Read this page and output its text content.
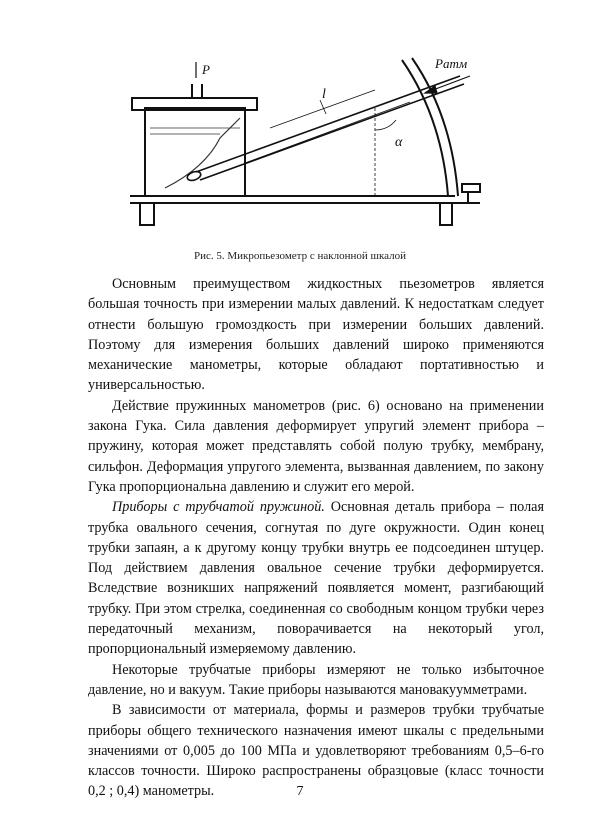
P	Pатм
l
α
Рис. 5. Микропьезометр с наклонной шкалой

Основным преимуществом жидкостных пьезометров является большая точность при измерении малых давлений. К недостаткам следует отнести большую громоздкость при измерении больших давлений. Поэтому для измерения больших давлений широко применяются механические манометры, которые обладают портативностью и универсальностью.

Действие пружинных манометров (рис. 6) основано на применении закона Гука. Сила давления деформирует упругий элемент прибора – пружину, которая может представлять собой полую трубку, мембрану, сильфон. Деформация упругого элемента, вызванная давлением, по закону Гука пропорциональна давлению и служит его мерой.

Приборы с трубчатой пружиной. Основная деталь прибора – полая трубка овального сечения, согнутая по дуге окружности. Один конец трубки запаян, а к другому концу трубки внутрь ее подсоединен штуцер. Под действием давления овальное сечение трубки деформируется. Вследствие возникших напряжений появляется момент, разгибающий трубку. При этом стрелка, соединенная со свободным концом трубки через передаточный механизм, поворачивается на некоторый угол, пропорциональный измеряемому давлению.

Некоторые трубчатые приборы измеряют не только избыточное давление, но и вакуум. Такие приборы называются мановакуумметрами.

В зависимости от материала, формы и размеров трубки трубчатые приборы общего технического назначения имеют шкалы с предельными значениями от 0,005 до 100 МПа и удовлетворяют требованиям 0,5–6-го классов точности. Широко распространены образцовые (класс точности 0,2 ; 0,4) манометры.	7
